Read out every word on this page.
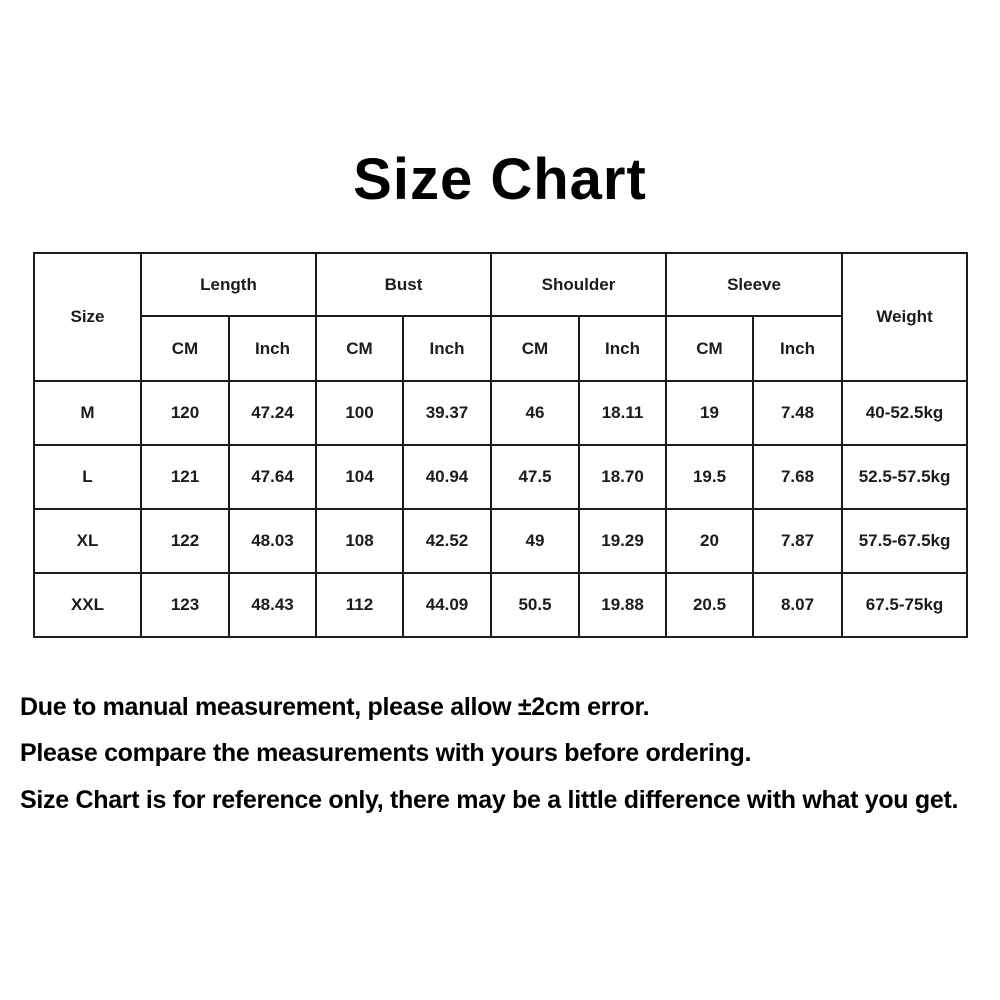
Size Chart
Size	Length		Bust		Shoulder		Sleeve		Weight
	CM	Inch	CM	Inch	CM	Inch	CM	Inch	
M	120	47.24	100	39.37	46	18.11	19	7.48	40-52.5kg
L	121	47.64	104	40.94	47.5	18.70	19.5	7.68	52.5-57.5kg
XL	122	48.03	108	42.52	49	19.29	20	7.87	57.5-67.5kg
XXL	123	48.43	112	44.09	50.5	19.88	20.5	8.07	67.5-75kg
Due to manual measurement, please allow ±2cm error.
Please compare the measurements with yours before ordering.
Size Chart is for reference only, there may be a little difference with what you get.
